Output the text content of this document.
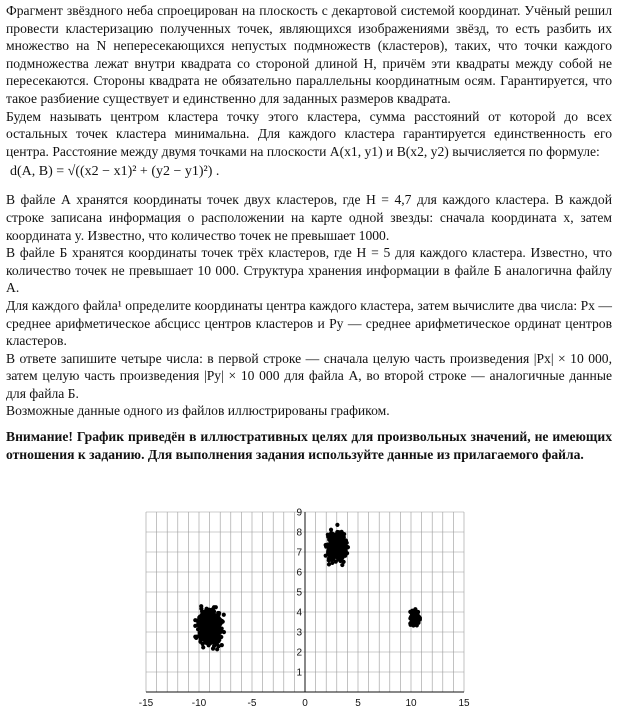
Фрагмент звёздного неба спроецирован на плоскость с декартовой системой координат. Учёный решил провести кластеризацию полученных точек, являющихся изображениями звёзд, то есть разбить их множество на N непересекающихся непустых подмножеств (кластеров), таких, что точки каждого подмножества лежат внутри квадрата со стороной длиной H, причём эти квадраты между собой не пересекаются. Стороны квадрата не обязательно параллельны координатным осям. Гарантируется, что такое разбиение существует и единственно для заданных размеров квадрата.

Будем называть центром кластера точку этого кластера, сумма расстояний от которой до всех остальных точек кластера минимальна. Для каждого кластера гарантируется единственность его центра. Расстояние между двумя точками на плоскости A(x1, y1) и B(x2, y2) вычисляется по формуле:

d(A, B) = √((x2 − x1)² + (y2 − y1)²) .

В файле А хранятся координаты точек двух кластеров, где H = 4,7 для каждого кластера. В каждой строке записана информация о расположении на карте одной звезды: сначала координата x, затем координата y. Известно, что количество точек не превышает 1000.

В файле Б хранятся координаты точек трёх кластеров, где H = 5 для каждого кластера. Известно, что количество точек не превышает 10 000. Структура хранения информации в файле Б аналогична файлу А.

Для каждого файла¹ определите координаты центра каждого кластера, затем вычислите два числа: Px — среднее арифметическое абсцисс центров кластеров и Py — среднее арифметическое ординат центров кластеров.

В ответе запишите четыре числа: в первой строке — сначала целую часть произведения |Px| × 10 000, затем целую часть произведения |Py| × 10 000 для файла А, во второй строке — аналогичные данные для файла Б.

Возможные данные одного из файлов иллюстрированы графиком.

Внимание! График приведён в иллюстративных целях для произвольных значений, не имеющих отношения к заданию. Для выполнения задания используйте данные из прилагаемого файла.

-15	-10	-5	0	5	10	15
1
2
3
4
5
6
7
8
9
